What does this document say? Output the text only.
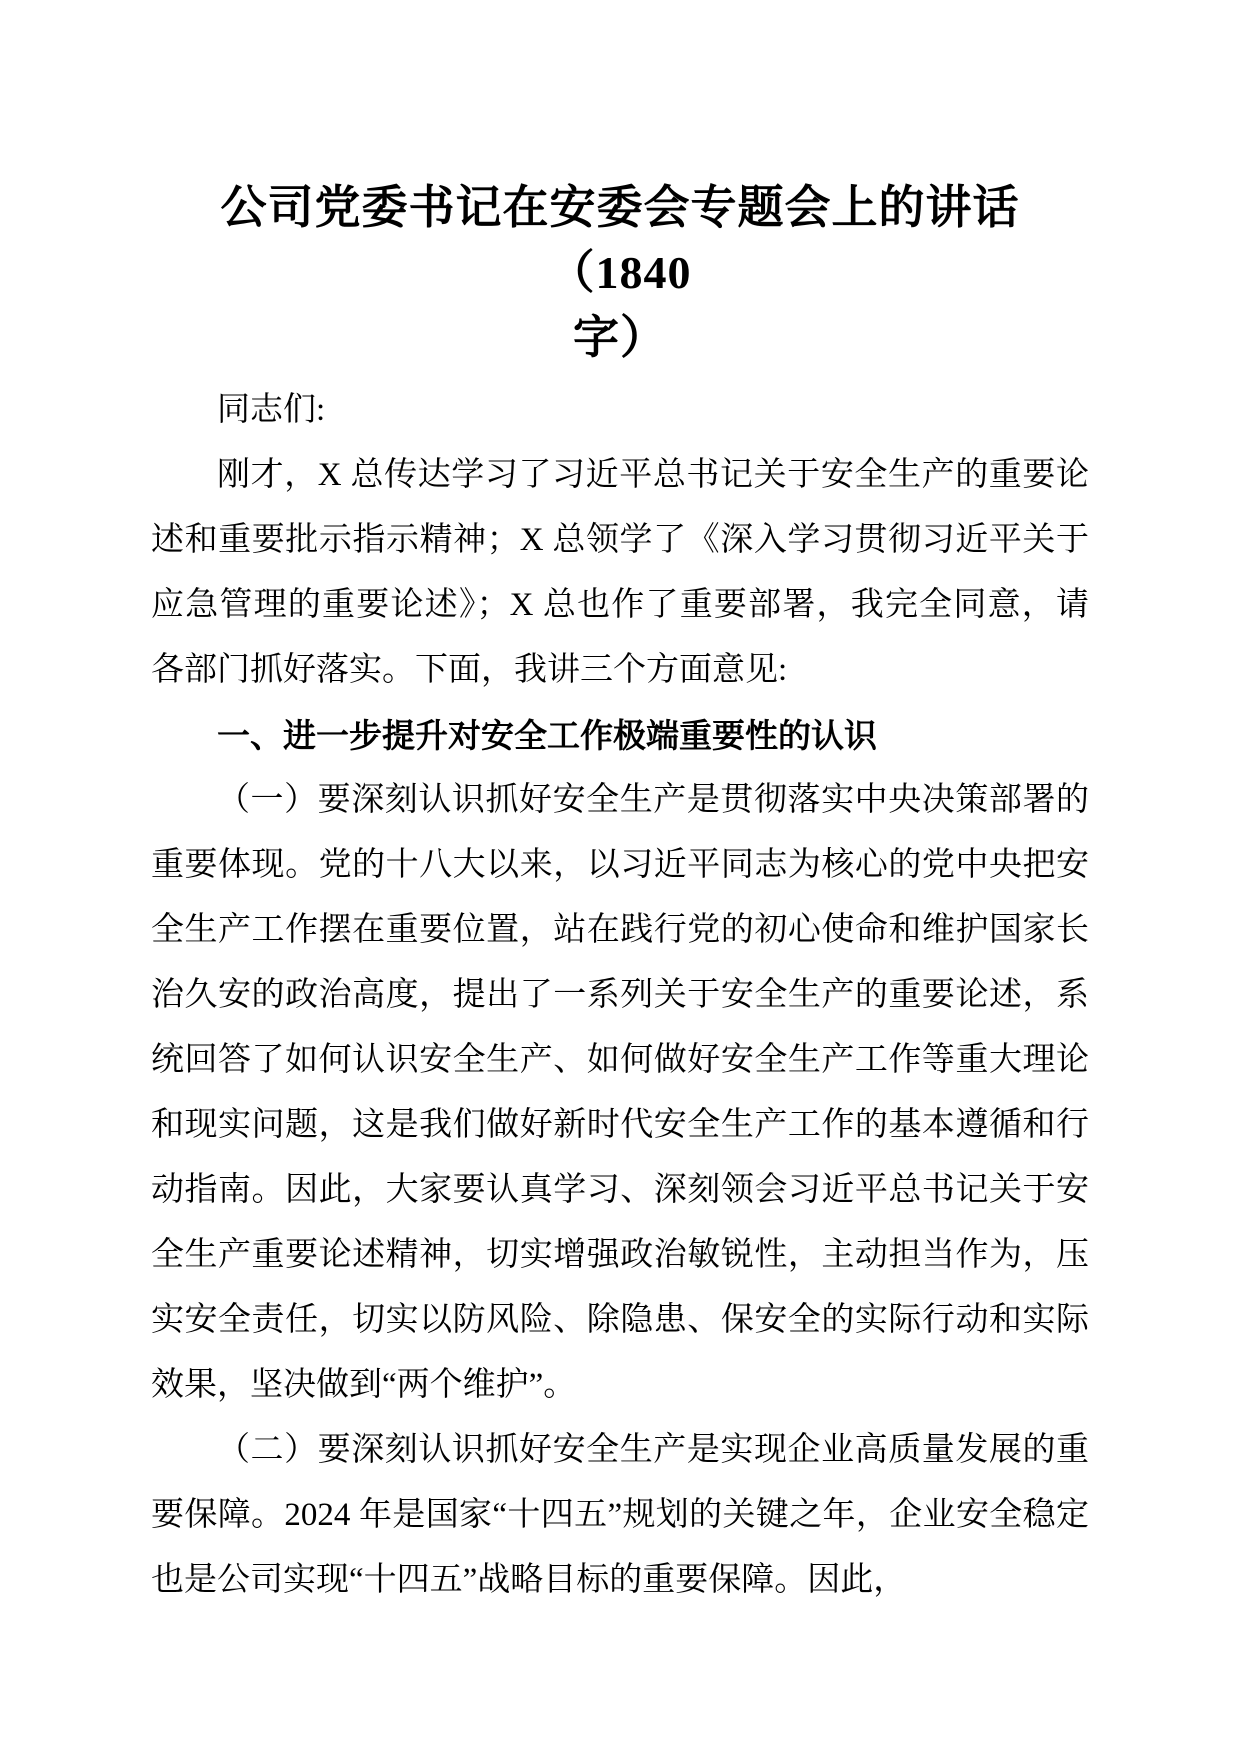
公司党委书记在安委会专题会上的讲话（1840
字）

同志们:

刚才，X 总传达学习了习近平总书记关于安全生产的重要论述和重要批示指示精神；X 总领学了《深入学习贯彻习近平关于应急管理的重要论述》；X 总也作了重要部署，我完全同意，请各部门抓好落实。下面，我讲三个方面意见:

一、进一步提升对安全工作极端重要性的认识

（一）要深刻认识抓好安全生产是贯彻落实中央决策部署的重要体现。党的十八大以来，以习近平同志为核心的党中央把安全生产工作摆在重要位置，站在践行党的初心使命和维护国家长治久安的政治高度，提出了一系列关于安全生产的重要论述，系统回答了如何认识安全生产、如何做好安全生产工作等重大理论和现实问题，这是我们做好新时代安全生产工作的基本遵循和行动指南。因此，大家要认真学习、深刻领会习近平总书记关于安全生产重要论述精神，切实增强政治敏锐性，主动担当作为，压实安全责任，切实以防风险、除隐患、保安全的实际行动和实际效果，坚决做到“两个维护”。

（二）要深刻认识抓好安全生产是实现企业高质量发展的重要保障。2024 年是国家“十四五”规划的关键之年，企业安全稳定也是公司实现“十四五”战略目标的重要保障。因此，
